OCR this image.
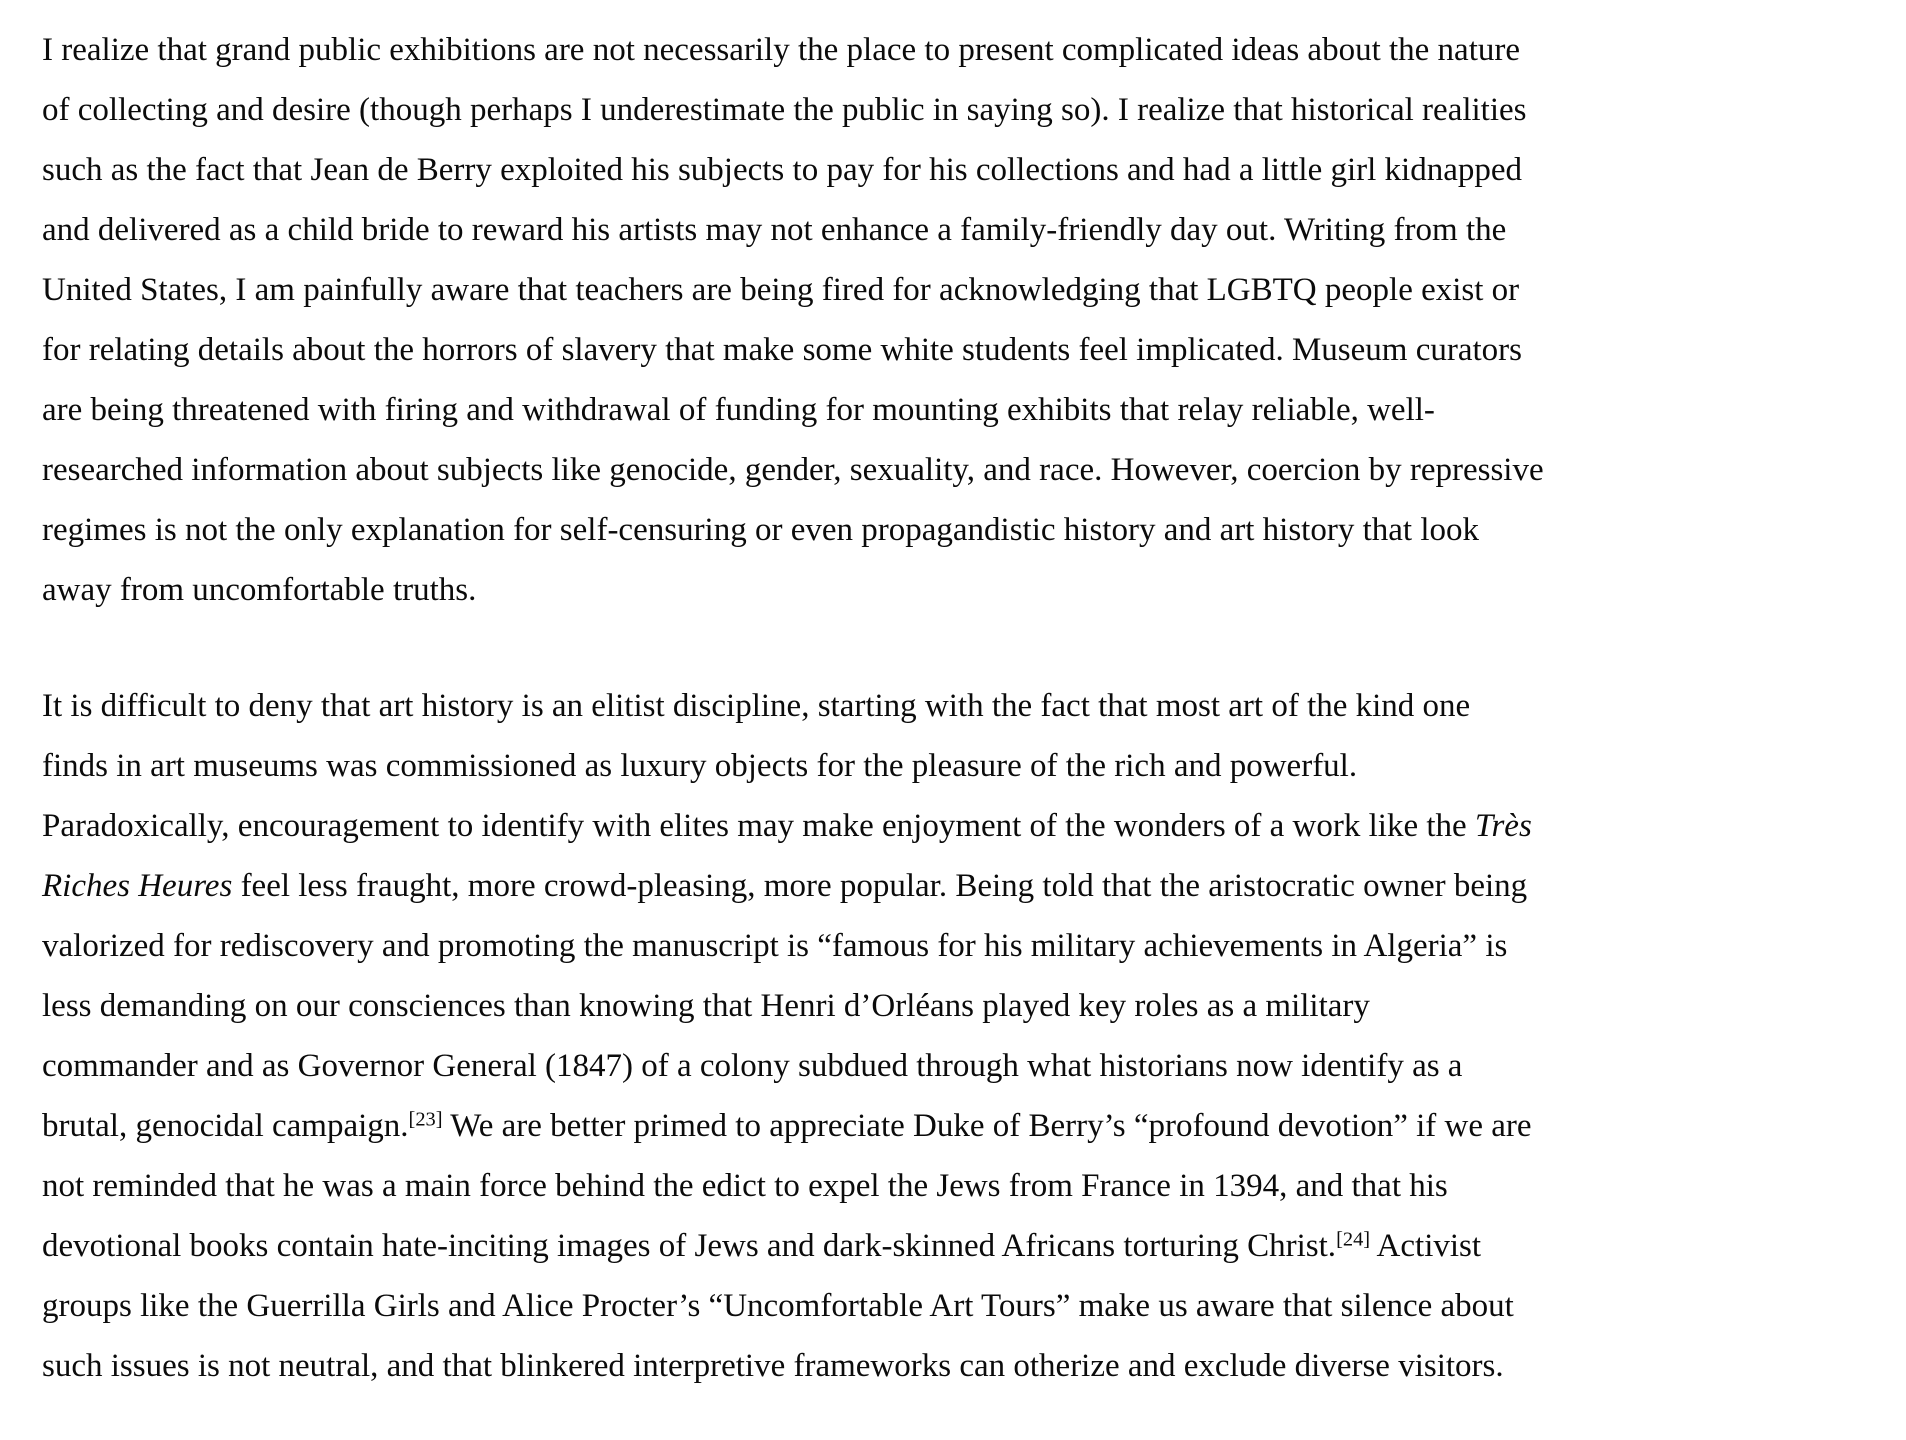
I realize that grand public exhibitions are not necessarily the place to present complicated ideas about the nature
of collecting and desire (though perhaps I underestimate the public in saying so). I realize that historical realities
such as the fact that Jean de Berry exploited his subjects to pay for his collections and had a little girl kidnapped
and delivered as a child bride to reward his artists may not enhance a family-friendly day out. Writing from the
United States, I am painfully aware that teachers are being fired for acknowledging that LGBTQ people exist or
for relating details about the horrors of slavery that make some white students feel implicated. Museum curators
are being threatened with firing and withdrawal of funding for mounting exhibits that relay reliable, well-
researched information about subjects like genocide, gender, sexuality, and race. However, coercion by repressive
regimes is not the only explanation for self-censuring or even propagandistic history and art history that look
away from uncomfortable truths.
It is difficult to deny that art history is an elitist discipline, starting with the fact that most art of the kind one
finds in art museums was commissioned as luxury objects for the pleasure of the rich and powerful.
Paradoxically, encouragement to identify with elites may make enjoyment of the wonders of a work like the Très
Riches Heures feel less fraught, more crowd-pleasing, more popular. Being told that the aristocratic owner being
valorized for rediscovery and promoting the manuscript is “famous for his military achievements in Algeria” is
less demanding on our consciences than knowing that Henri d’Orléans played key roles as a military
commander and as Governor General (1847) of a colony subdued through what historians now identify as a
brutal, genocidal campaign.[23] We are better primed to appreciate Duke of Berry’s “profound devotion” if we are
not reminded that he was a main force behind the edict to expel the Jews from France in 1394, and that his
devotional books contain hate-inciting images of Jews and dark-skinned Africans torturing Christ.[24] Activist
groups like the Guerrilla Girls and Alice Procter’s “Uncomfortable Art Tours” make us aware that silence about
such issues is not neutral, and that blinkered interpretive frameworks can otherize and exclude diverse visitors.
